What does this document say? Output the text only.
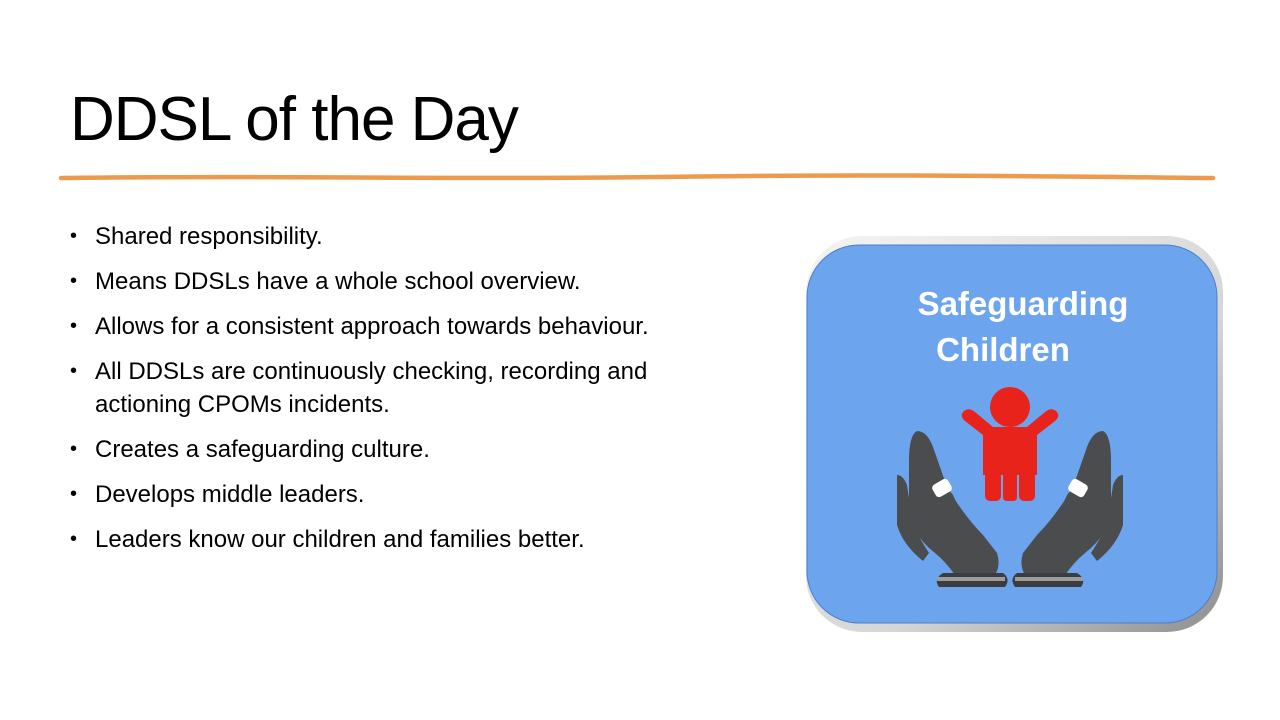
DDSL of the Day
• Shared responsibility.
• Means DDSLs have a whole school overview.
• Allows for a consistent approach towards behaviour.
• All DDSLs are continuously checking, recording and actioning CPOMs incidents.
• Creates a safeguarding culture.
• Develops middle leaders.
• Leaders know our children and families better.
Safeguarding
Children
